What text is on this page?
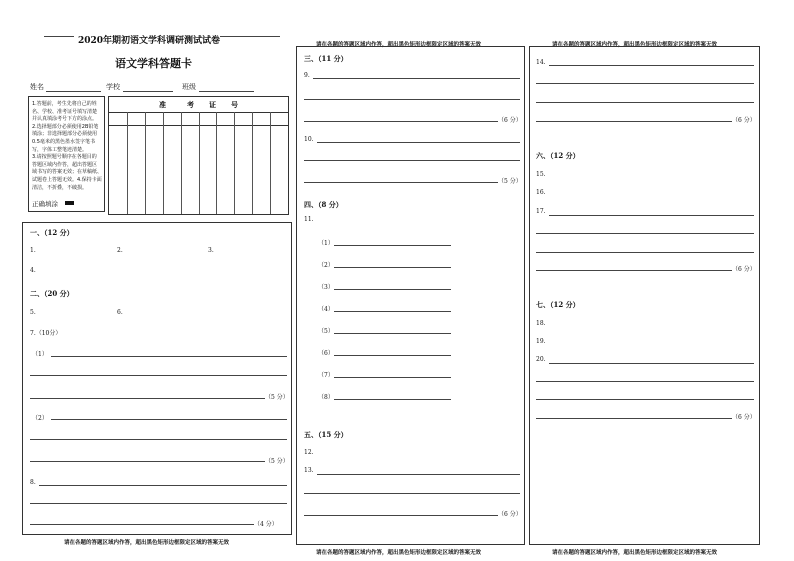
2020年期初语文学科调研测试试卷
语文学科答题卡
姓名	学校	班级
1.答题前，考生先将自己的姓
名、学校、准考证号填写清楚
并认真填涂考号下方的涂点。
2.选择题部分必须使用2B铅笔
填涂；非选择题部分必须使用
0.5毫米的黑色墨水签字笔书
写，字体工整笔迹清楚。
3.请按照题号顺序在各题目的
答题区域内作答，超出答题区
域书写的答案无效；在草稿纸、
试题卷上答题无效。4.保持卡面
清洁，不折叠，不破损。
正确填涂
准	考 证 号
一、（12 分）
1.	2.	3.
4.
二、（20 分）
5.	6.
7.（10分）
（1）
（5 分）
（2）
（5 分）
8.
（4 分）
请在各题的答题区域内作答，超出黑色矩形边框限定区域的答案无效
请在各题的答题区域内作答，超出黑色矩形边框限定区域的答案无效
三、（11 分）
9.
（6 分）
10.
（5 分）
四、（8 分）
11.
（1）
（2）
（3）
（4）
（5）
（6）
（7）
（8）
五、（15 分）
12.
13.
（6 分）
请在各题的答题区域内作答，超出黑色矩形边框限定区域的答案无效
请在各题的答题区域内作答，超出黑色矩形边框限定区域的答案无效
14.
（6 分）
六、（12 分）
15.
16.
17.
（6 分）
七、（12 分）
18.
19.
20.
（6 分）
请在各题的答题区域内作答，超出黑色矩形边框限定区域的答案无效
